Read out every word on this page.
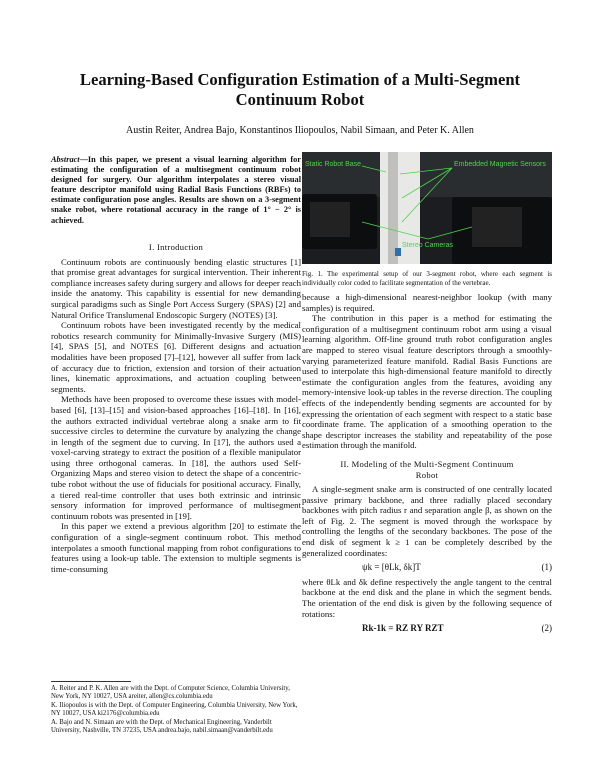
Learning-Based Configuration Estimation of a Multi-Segment
Continuum Robot
Austin Reiter, Andrea Bajo, Konstantinos Iliopoulos, Nabil Simaan, and Peter K. Allen
Abstract—In this paper, we present a visual learning algorithm for estimating the configuration of a multisegment continuum robot designed for surgery. Our algorithm interpolates a stereo visual feature descriptor manifold using Radial Basis Functions (RBFs) to estimate configuration pose angles. Results are shown on a 3-segment snake robot, where rotational accuracy in the range of 1° − 2° is achieved.
I. Introduction

Continuum robots are continuously bending elastic structures [1] that promise great advantages for surgical intervention. Their inherent compliance increases safety during surgery and allows for deeper reach inside the anatomy. This capability is essential for new demanding surgical paradigms such as Single Port Access Surgery (SPAS) [2] and Natural Orifice Translumenal Endoscopic Surgery (NOTES) [3].

Continuum robots have been investigated recently by the medical robotics research community for Minimally-Invasive Surgery (MIS) [4], SPAS [5], and NOTES [6]. Different designs and actuation modalities have been proposed [7]–[12], however all suffer from lack of accuracy due to friction, extension and torsion of their actuation lines, kinematic approximations, and actuation coupling between segments.

Methods have been proposed to overcome these issues with model-based [6], [13]–[15] and vision-based approaches [16]–[18]. In [16], the authors extracted individual vertebrae along a snake arm to fit successive circles to determine the curvature by analyzing the change in length of the segment due to curving. In [17], the authors used a voxel-carving strategy to extract the position of a flexible manipulator using three orthogonal cameras. In [18], the authors used Self-Organizing Maps and stereo vision to detect the shape of a concentric-tube robot without the use of fiducials for positional accuracy. Finally, a tiered real-time controller that uses both extrinsic and intrinsic sensory information for improved performance of multisegment continuum robots was presented in [19].

In this paper we extend a previous algorithm [20] to estimate the configuration of a single-segment continuum robot. This method interpolates a smooth functional mapping from robot configurations to features using a look-up table. The extension to multiple segments is time-consuming

A. Reiter and P. K. Allen are with the Dept. of Computer Science, Columbia University, New York, NY 10027, USA areiter, allen@cs.columbia.edu
K. Iliopoulos is with the Dept. of Computer Engineering, Columbia University, New York, NY 10027, USA ki2176@columbia.edu
A. Bajo and N. Simaan are with the Dept. of Mechanical Engineering, Vanderbilt University, Nashville, TN 37235, USA andrea.bajo, nabil.simaan@vanderbilt.edu
Static Robot Base	Embedded Magnetic Sensors
Stereo Cameras
Fig. 1. The experimental setup of our 3-segment robot, where each segment is individually color coded to facilitate segmentation of the vertebrae.

because a high-dimensional nearest-neighbor lookup (with many samples) is required.

The contribution in this paper is a method for estimating the configuration of a multisegment continuum robot arm using a visual learning algorithm. Off-line ground truth robot configuration angles are mapped to stereo visual feature descriptors through a smoothly-varying parameterized feature manifold. Radial Basis Functions are used to interpolate this high-dimensional feature manifold to directly estimate the configuration angles from the features, avoiding any memory-intensive look-up tables in the reverse direction. The coupling effects of the independently bending segments are accounted for by expressing the orientation of each segment with respect to a static base coordinate frame. The application of a smoothing operation to the shape descriptor increases the stability and repeatability of the pose estimation through the manifold.

II. Modeling of the Multi-Segment Continuum
Robot

A single-segment snake arm is constructed of one centrally located passive primary backbone, and three radially placed secondary backbones with pitch radius r and separation angle β, as shown on the left of Fig. 2. The segment is moved through the workspace by controlling the lengths of the secondary backbones. The pose of the end disk of segment k ≥ 1 can be completely described by the generalized coordinates:

ψk = [θLk, δk]T	(1)

where θLk and δk define respectively the angle tangent to the central backbone at the end disk and the plane in which the segment bends. The orientation of the end disk is given by the following sequence of rotations:

Rk-1k = RZ RY RZT	(2)
